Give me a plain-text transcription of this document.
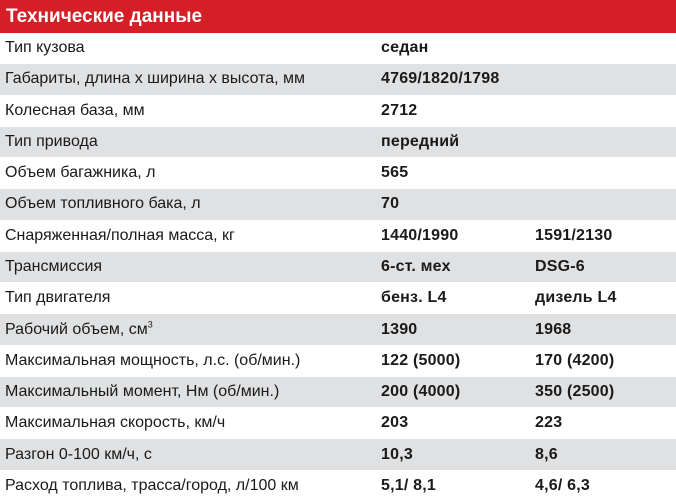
Технические данные
Тип кузова	седан
Габариты, длина х ширина х высота, мм	4769/1820/1798
Колесная база, мм	2712
Тип привода	передний
Объем багажника, л	565
Объем топливного бака, л	70
Снаряженная/полная масса, кг	1440/1990	1591/2130
Трансмиссия	6-ст. мех	DSG-6
Тип двигателя	бенз. L4	дизель L4
Рабочий объем, $см^3$	1390	1968
Максимальная мощность, л.с. (об/мин.)	122 (5000)	170 (4200)
Максимальный момент, Нм (об/мин.)	200 (4000)	350 (2500)
Максимальная скорость, км/ч	203	223
Разгон 0-100 км/ч, с	10,3	8,6
Расход топлива, трасса/город, л/100 км	5,1/ 8,1	4,6/ 6,3
